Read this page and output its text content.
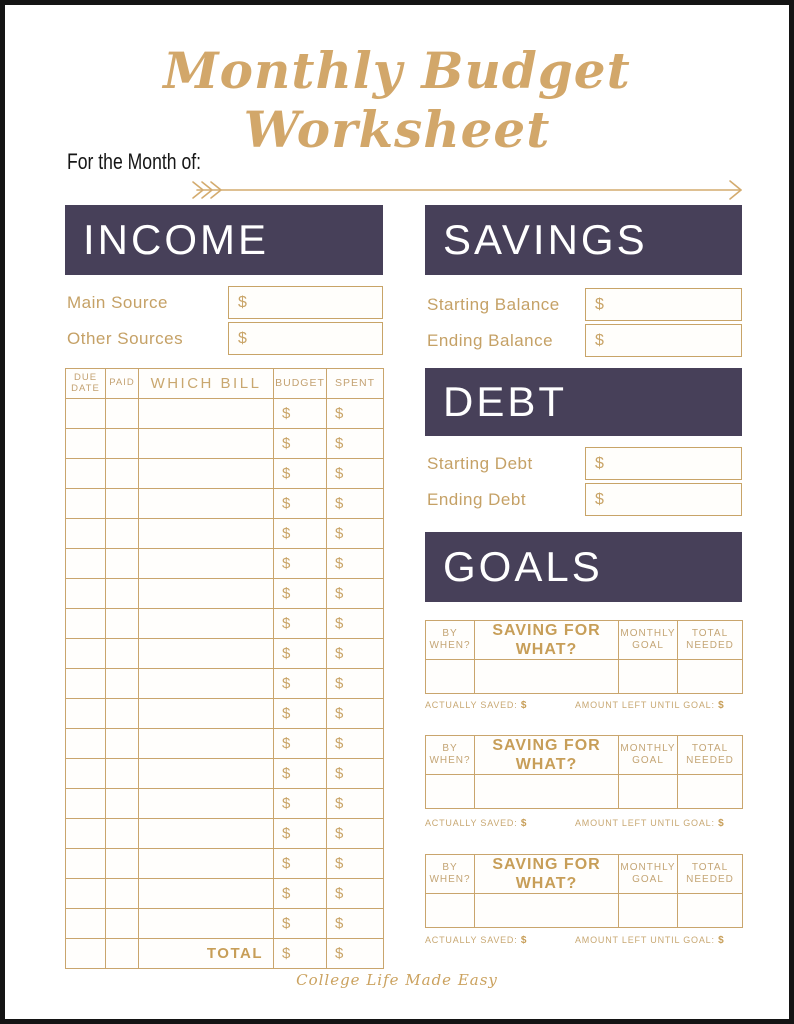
Monthly Budget Worksheet
For the Month of:
INCOME
Main Source	$
Other Sources	$
DUE DATE	PAID	WHICH BILL	BUDGET	SPENT
			$	$
			$	$
			$	$
			$	$
			$	$
			$	$
			$	$
			$	$
			$	$
			$	$
			$	$
			$	$
			$	$
			$	$
			$	$
			$	$
			$	$
			$	$
		TOTAL	$	$
SAVINGS
Starting Balance	$
Ending Balance	$
DEBT
Starting Debt	$
Ending Debt	$
GOALS
BY WHEN?	SAVING FOR WHAT?	MONTHLY GOAL	TOTAL NEEDED

ACTUALLY SAVED: $	AMOUNT LEFT UNTIL GOAL: $
BY WHEN?	SAVING FOR WHAT?	MONTHLY GOAL	TOTAL NEEDED

ACTUALLY SAVED: $	AMOUNT LEFT UNTIL GOAL: $
BY WHEN?	SAVING FOR WHAT?	MONTHLY GOAL	TOTAL NEEDED

ACTUALLY SAVED: $	AMOUNT LEFT UNTIL GOAL: $
College Life Made Easy
